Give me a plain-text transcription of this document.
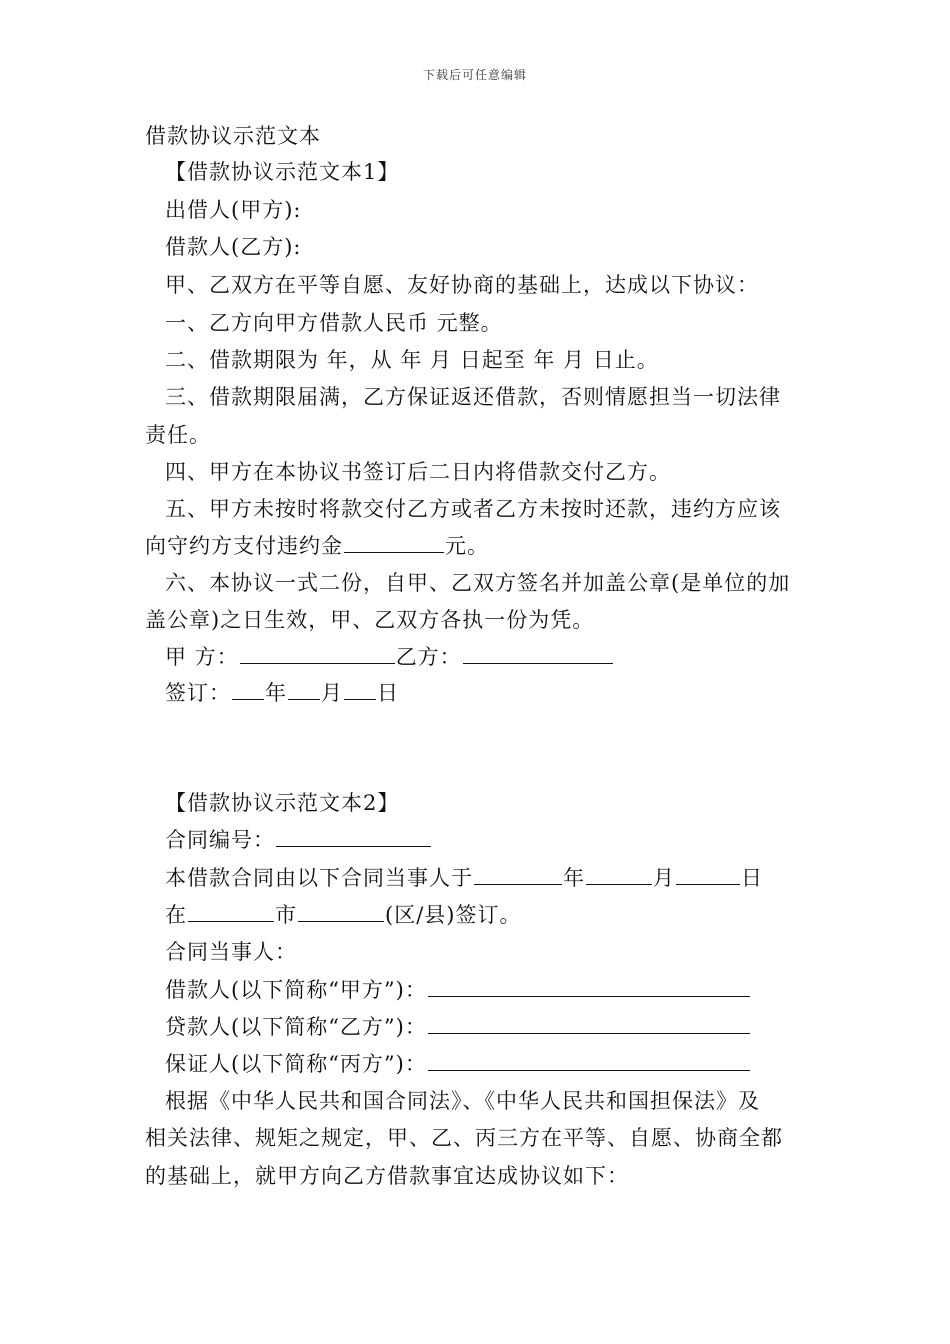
下载后可任意编辑
借款协议示范文本
【借款协议示范文本1】
出借人(甲方):
借款人(乙方):
甲、乙双方在平等自愿、友好协商的基础上，达成以下协议：
一、乙方向甲方借款人民币 元整。
二、借款期限为 年，从 年 月 日起至 年 月 日止。
三、借款期限届满，乙方保证返还借款，否则情愿担当一切法律
责任。
四、甲方在本协议书签订后二日内将借款交付乙方。
五、甲方未按时将款交付乙方或者乙方未按时还款，违约方应该
向守约方支付违约金	元。
六、本协议一式二份，自甲、乙双方签名并加盖公章(是单位的加
盖公章)之日生效，甲、乙双方各执一份为凭。
甲 方：	乙方：
签订： 年 月 日
【借款协议示范文本2】
合同编号：
本借款合同由以下合同当事人于	年	月	日
在	市	(区/县)签订。
合同当事人：
借款人(以下简称“甲方”)：
贷款人(以下简称“乙方”)：
保证人(以下简称“丙方”)：
根据《中华人民共和国合同法》、《中华人民共和国担保法》及
相关法律、规矩之规定，甲、乙、丙三方在平等、自愿、协商全都
的基础上，就甲方向乙方借款事宜达成协议如下：
